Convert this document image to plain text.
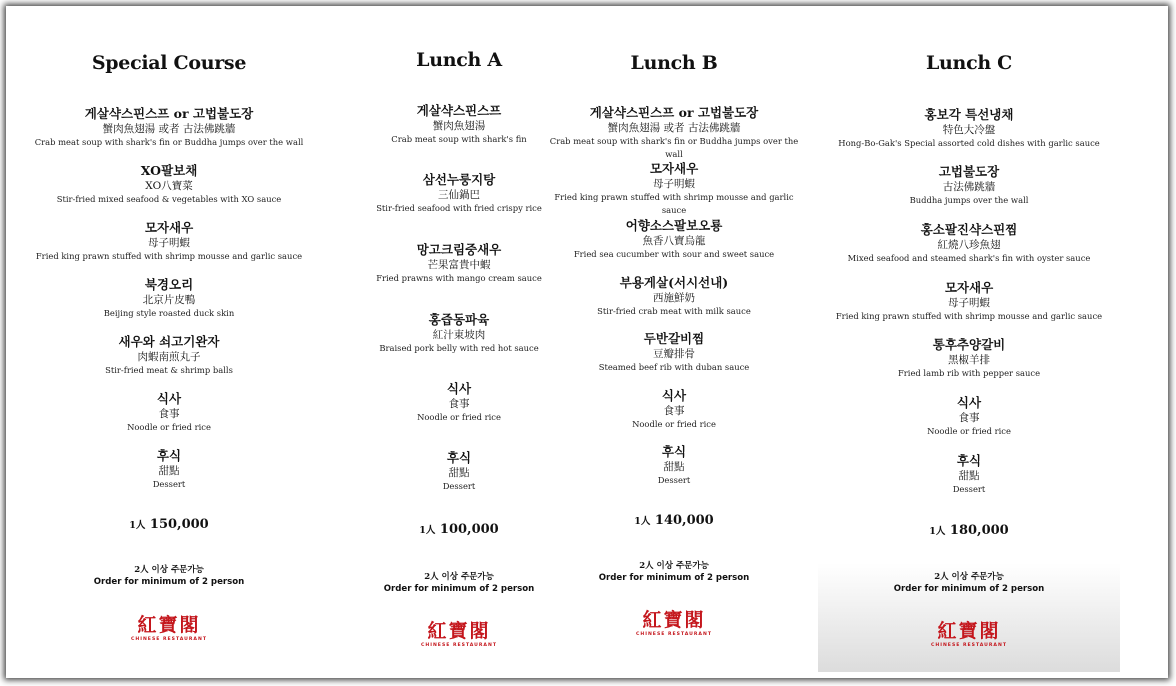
Special Course
게살샥스핀스프 or 고법불도장
蟹肉魚翅湯 或者 古法佛跳牆
Crab meat soup with shark's fin or Buddha jumps over the wall
XO팔보채
XO八寶菜
Stir-fried mixed seafood & vegetables with XO sauce
모자새우
母子明蝦
Fried king prawn stuffed with shrimp mousse and garlic sauce
북경오리
北京片皮鴨
Beijing style roasted duck skin
새우와 쇠고기완자
肉蝦南煎丸子
Stir-fried meat & shrimp balls
식사
食事
Noodle or fried rice
후식
甜點
Dessert
1人 150,000
2人 이상 주문가능
Order for minimum of 2 person
紅寶閣
CHINESE RESTAURANT
Lunch A
게살샥스핀스프
蟹肉魚翅湯
Crab meat soup with shark's fin
삼선누룽지탕
三仙鍋巴
Stir-fried seafood with fried crispy rice
망고크림중새우
芒果富貴中蝦
Fried prawns with mango cream sauce
홍즙동파육
紅汁東坡肉
Braised pork belly with red hot sauce
식사
食事
Noodle or fried rice
후식
甜點
Dessert
1人 100,000
2人 이상 주문가능
Order for minimum of 2 person
紅寶閣
CHINESE RESTAURANT
Lunch B
게살샥스핀스프 or 고법불도장
蟹肉魚翅湯 或者 古法佛跳牆
Crab meat soup with shark's fin or Buddha jumps over the wall
모자새우
母子明蝦
Fried king prawn stuffed with shrimp mousse and garlic sauce
어향소스팔보오룡
魚香八寶烏龍
Fried sea cucumber with sour and sweet sauce
부용게살(서시선내)
西施鮮奶
Stir-fried crab meat with milk sauce
두반갈비찜
豆瓣排骨
Steamed beef rib with duban sauce
식사
食事
Noodle or fried rice
후식
甜點
Dessert
1人 140,000
2人 이상 주문가능
Order for minimum of 2 person
紅寶閣
CHINESE RESTAURANT
Lunch C
홍보각 특선냉채
特色大冷盤
Hong-Bo-Gak's Special assorted cold dishes with garlic sauce
고법불도장
古法佛跳牆
Buddha jumps over the wall
홍소팔진샥스핀찜
紅燒八珍魚翅
Mixed seafood and steamed shark's fin with oyster sauce
모자새우
母子明蝦
Fried king prawn stuffed with shrimp mousse and garlic sauce
통후추양갈비
黑椒羊排
Fried lamb rib with pepper sauce
식사
食事
Noodle or fried rice
후식
甜點
Dessert
1人 180,000
2人 이상 주문가능
Order for minimum of 2 person
紅寶閣
CHINESE RESTAURANT
